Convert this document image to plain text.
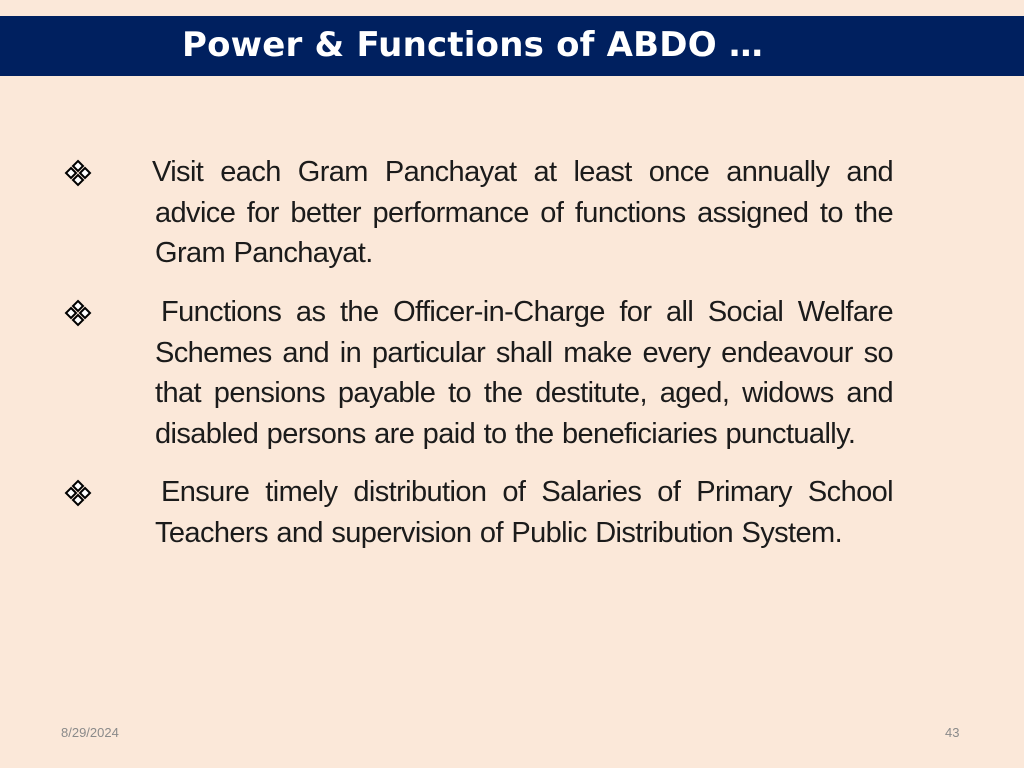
Power & Functions of ABDO …
Visit each Gram Panchayat at least once annually and advice for better performance of functions assigned to the Gram Panchayat.
Functions as the Officer-in-Charge for all Social Welfare Schemes and in particular shall make every endeavour so that pensions payable to the destitute, aged, widows and disabled persons are paid to the beneficiaries punctually.
Ensure timely distribution of Salaries of Primary School Teachers and supervision of Public Distribution System.
8/29/2024	43
